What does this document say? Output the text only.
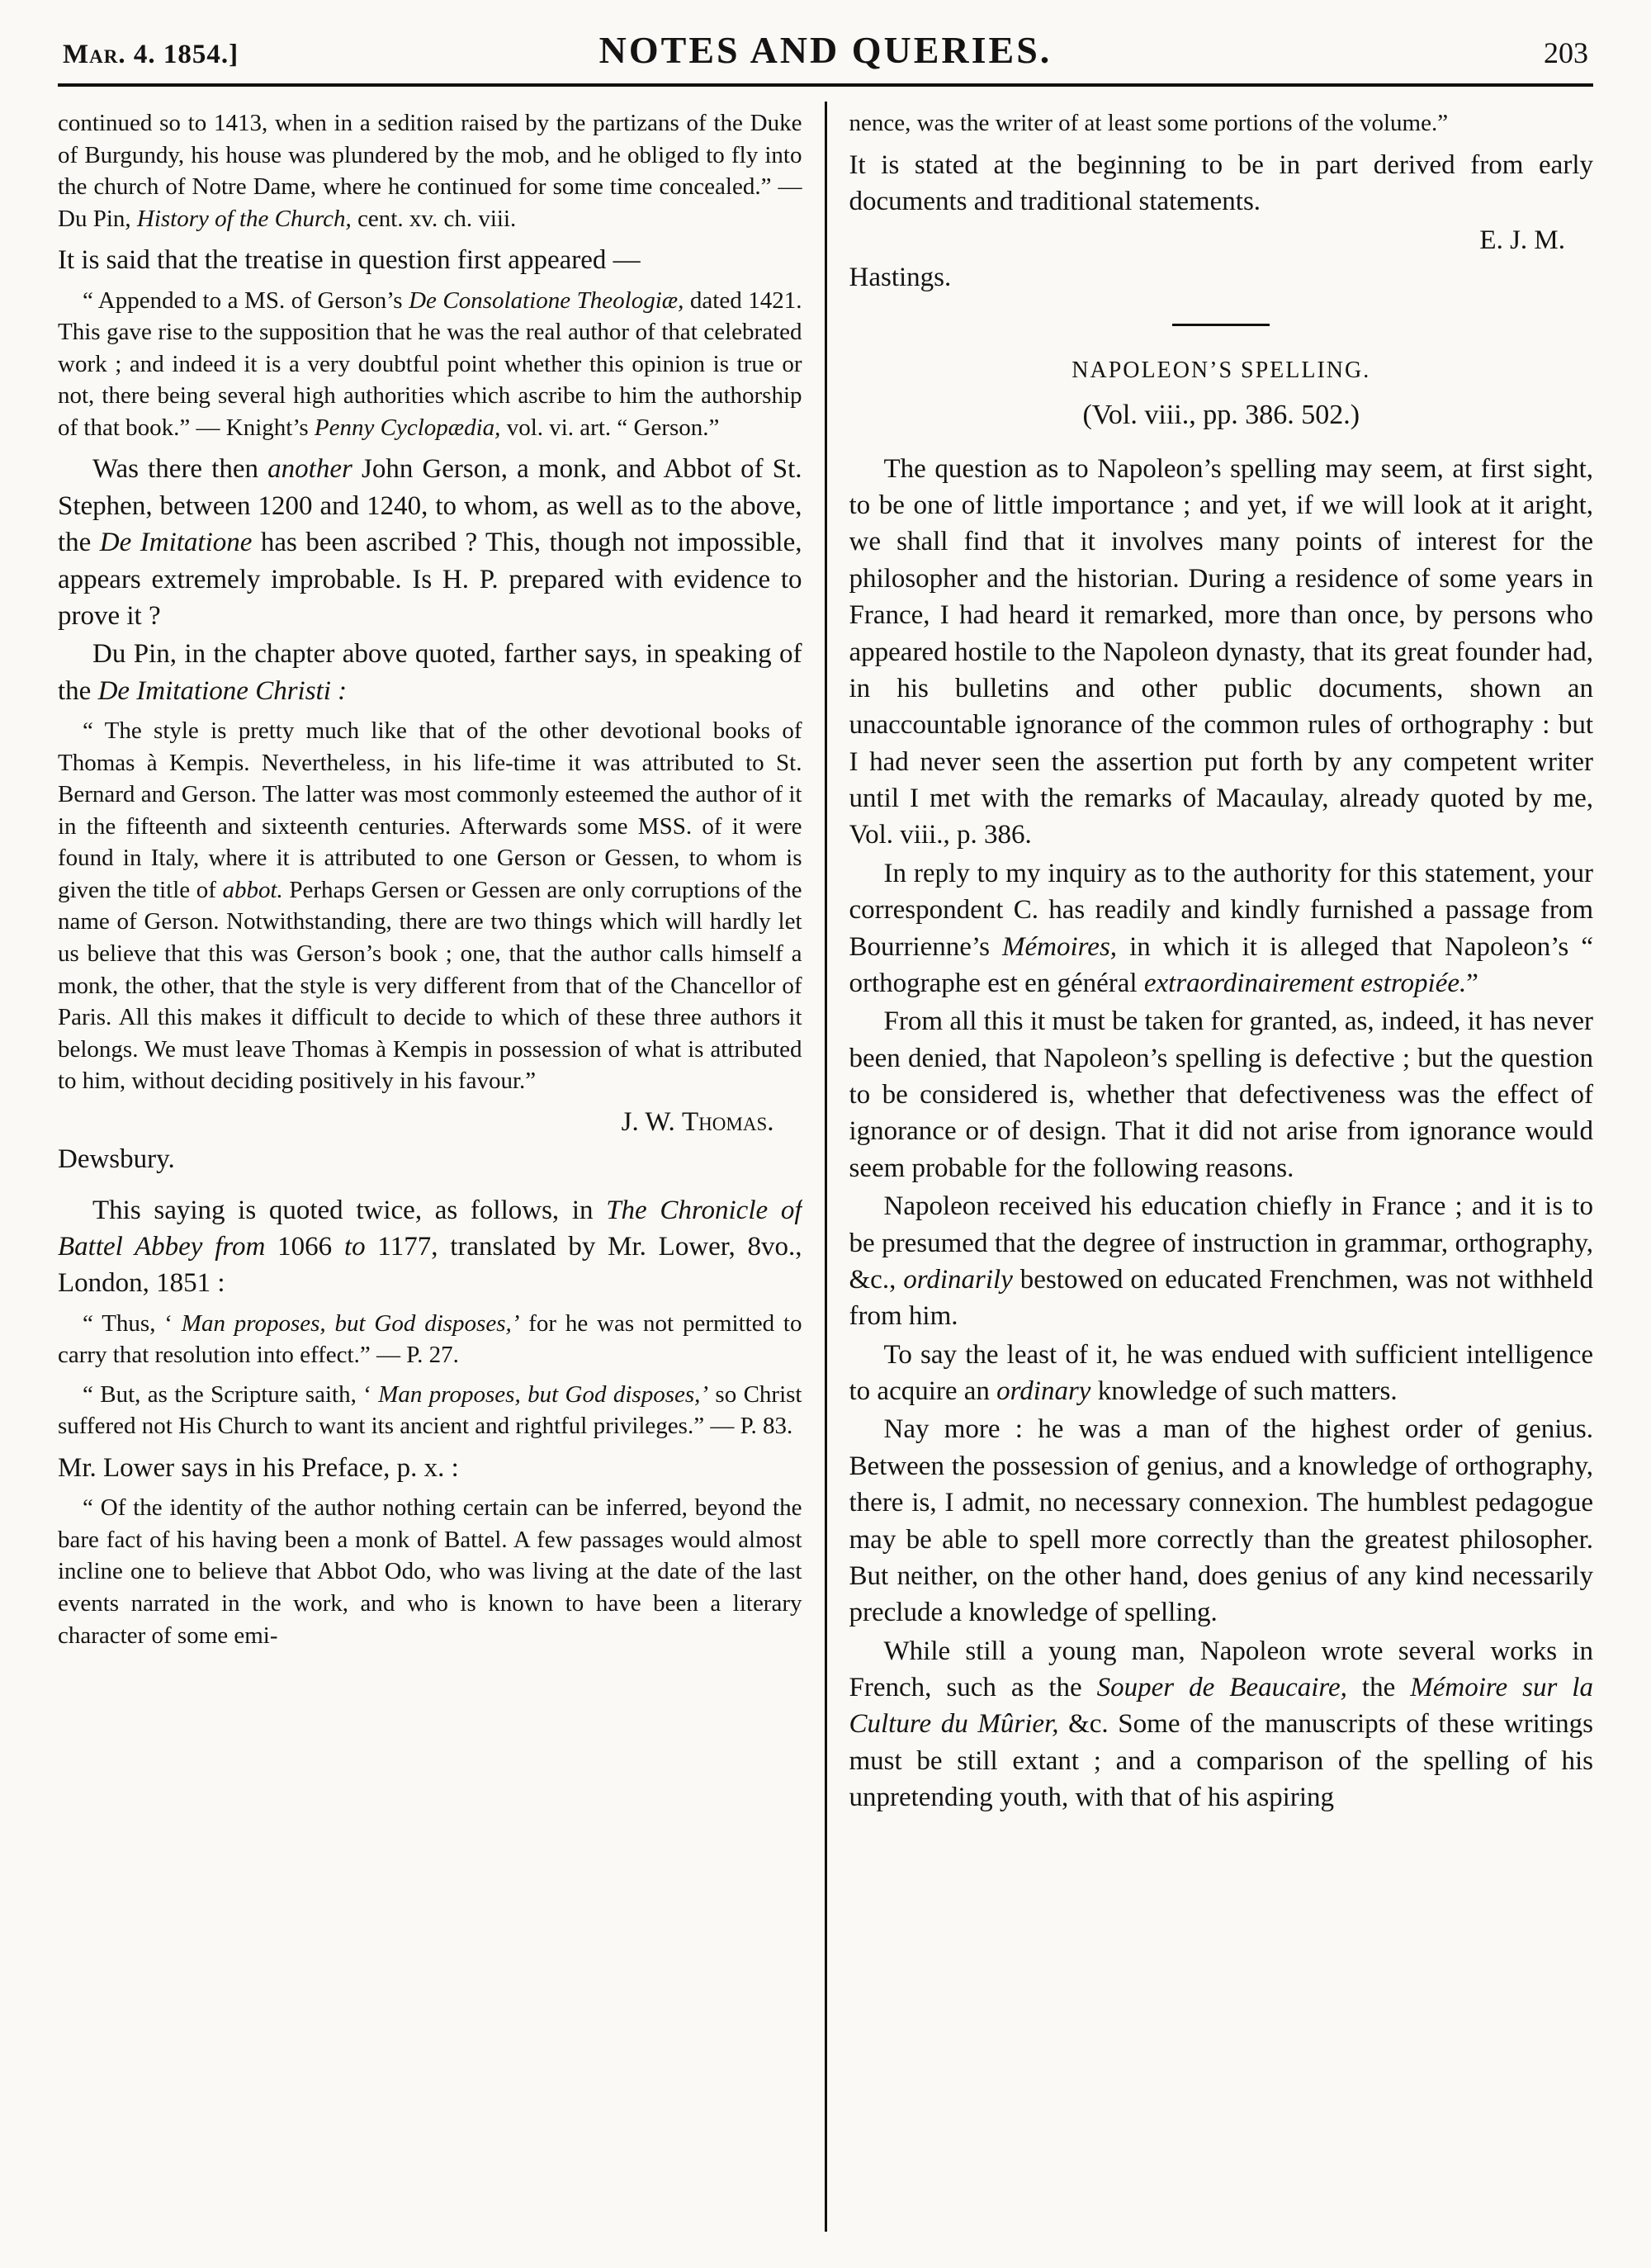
Mar. 4. 1854.]	NOTES AND QUERIES.	203

continued so to 1413, when in a sedition raised by the partizans of the Duke of Burgundy, his house was plundered by the mob, and he obliged to fly into the church of Notre Dame, where he continued for some time concealed.” — Du Pin, History of the Church, cent. xv. ch. viii.

It is said that the treatise in question first appeared —

“ Appended to a MS. of Gerson’s De Consolatione Theologiæ, dated 1421. This gave rise to the supposition that he was the real author of that celebrated work ; and indeed it is a very doubtful point whether this opinion is true or not, there being several high authorities which ascribe to him the authorship of that book.” — Knight’s Penny Cyclopædia, vol. vi. art. “ Gerson.”

Was there then another John Gerson, a monk, and Abbot of St. Stephen, between 1200 and 1240, to whom, as well as to the above, the De Imitatione has been ascribed ? This, though not impossible, appears extremely improbable. Is H. P. prepared with evidence to prove it ?

Du Pin, in the chapter above quoted, farther says, in speaking of the De Imitatione Christi :

“ The style is pretty much like that of the other devotional books of Thomas à Kempis. Nevertheless, in his life-time it was attributed to St. Bernard and Gerson. The latter was most commonly esteemed the author of it in the fifteenth and sixteenth centuries. Afterwards some MSS. of it were found in Italy, where it is attributed to one Gerson or Gessen, to whom is given the title of abbot. Perhaps Gersen or Gessen are only corruptions of the name of Gerson. Notwithstanding, there are two things which will hardly let us believe that this was Gerson’s book ; one, that the author calls himself a monk, the other, that the style is very different from that of the Chancellor of Paris. All this makes it difficult to decide to which of these three authors it belongs. We must leave Thomas à Kempis in possession of what is attributed to him, without deciding positively in his favour.”

J. W. Thomas.

Dewsbury.

This saying is quoted twice, as follows, in The Chronicle of Battel Abbey from 1066 to 1177, translated by Mr. Lower, 8vo., London, 1851 :

“ Thus, ‘ Man proposes, but God disposes,’ for he was not permitted to carry that resolution into effect.” — P. 27.

“ But, as the Scripture saith, ‘ Man proposes, but God disposes,’ so Christ suffered not His Church to want its ancient and rightful privileges.” — P. 83.

Mr. Lower says in his Preface, p. x. :

“ Of the identity of the author nothing certain can be inferred, beyond the bare fact of his having been a monk of Battel. A few passages would almost incline one to believe that Abbot Odo, who was living at the date of the last events narrated in the work, and who is known to have been a literary character of some emi-

nence, was the writer of at least some portions of the volume.”

It is stated at the beginning to be in part derived from early documents and traditional statements.

E. J. M.

Hastings.

NAPOLEON’S SPELLING.

(Vol. viii., pp. 386. 502.)

The question as to Napoleon’s spelling may seem, at first sight, to be one of little importance ; and yet, if we will look at it aright, we shall find that it involves many points of interest for the philosopher and the historian. During a residence of some years in France, I had heard it remarked, more than once, by persons who appeared hostile to the Napoleon dynasty, that its great founder had, in his bulletins and other public documents, shown an unaccountable ignorance of the common rules of orthography : but I had never seen the assertion put forth by any competent writer until I met with the remarks of Macaulay, already quoted by me, Vol. viii., p. 386.

In reply to my inquiry as to the authority for this statement, your correspondent C. has readily and kindly furnished a passage from Bourrienne’s Mémoires, in which it is alleged that Napoleon’s “ orthographe est en général extraordinairement estropiée.”

From all this it must be taken for granted, as, indeed, it has never been denied, that Napoleon’s spelling is defective ; but the question to be considered is, whether that defectiveness was the effect of ignorance or of design. That it did not arise from ignorance would seem probable for the following reasons.

Napoleon received his education chiefly in France ; and it is to be presumed that the degree of instruction in grammar, orthography, &c., ordinarily bestowed on educated Frenchmen, was not withheld from him.

To say the least of it, he was endued with sufficient intelligence to acquire an ordinary knowledge of such matters.

Nay more : he was a man of the highest order of genius. Between the possession of genius, and a knowledge of orthography, there is, I admit, no necessary connexion. The humblest pedagogue may be able to spell more correctly than the greatest philosopher. But neither, on the other hand, does genius of any kind necessarily preclude a knowledge of spelling.

While still a young man, Napoleon wrote several works in French, such as the Souper de Beaucaire, the Mémoire sur la Culture du Mûrier, &c. Some of the manuscripts of these writings must be still extant ; and a comparison of the spelling of his unpretending youth, with that of his aspiring
